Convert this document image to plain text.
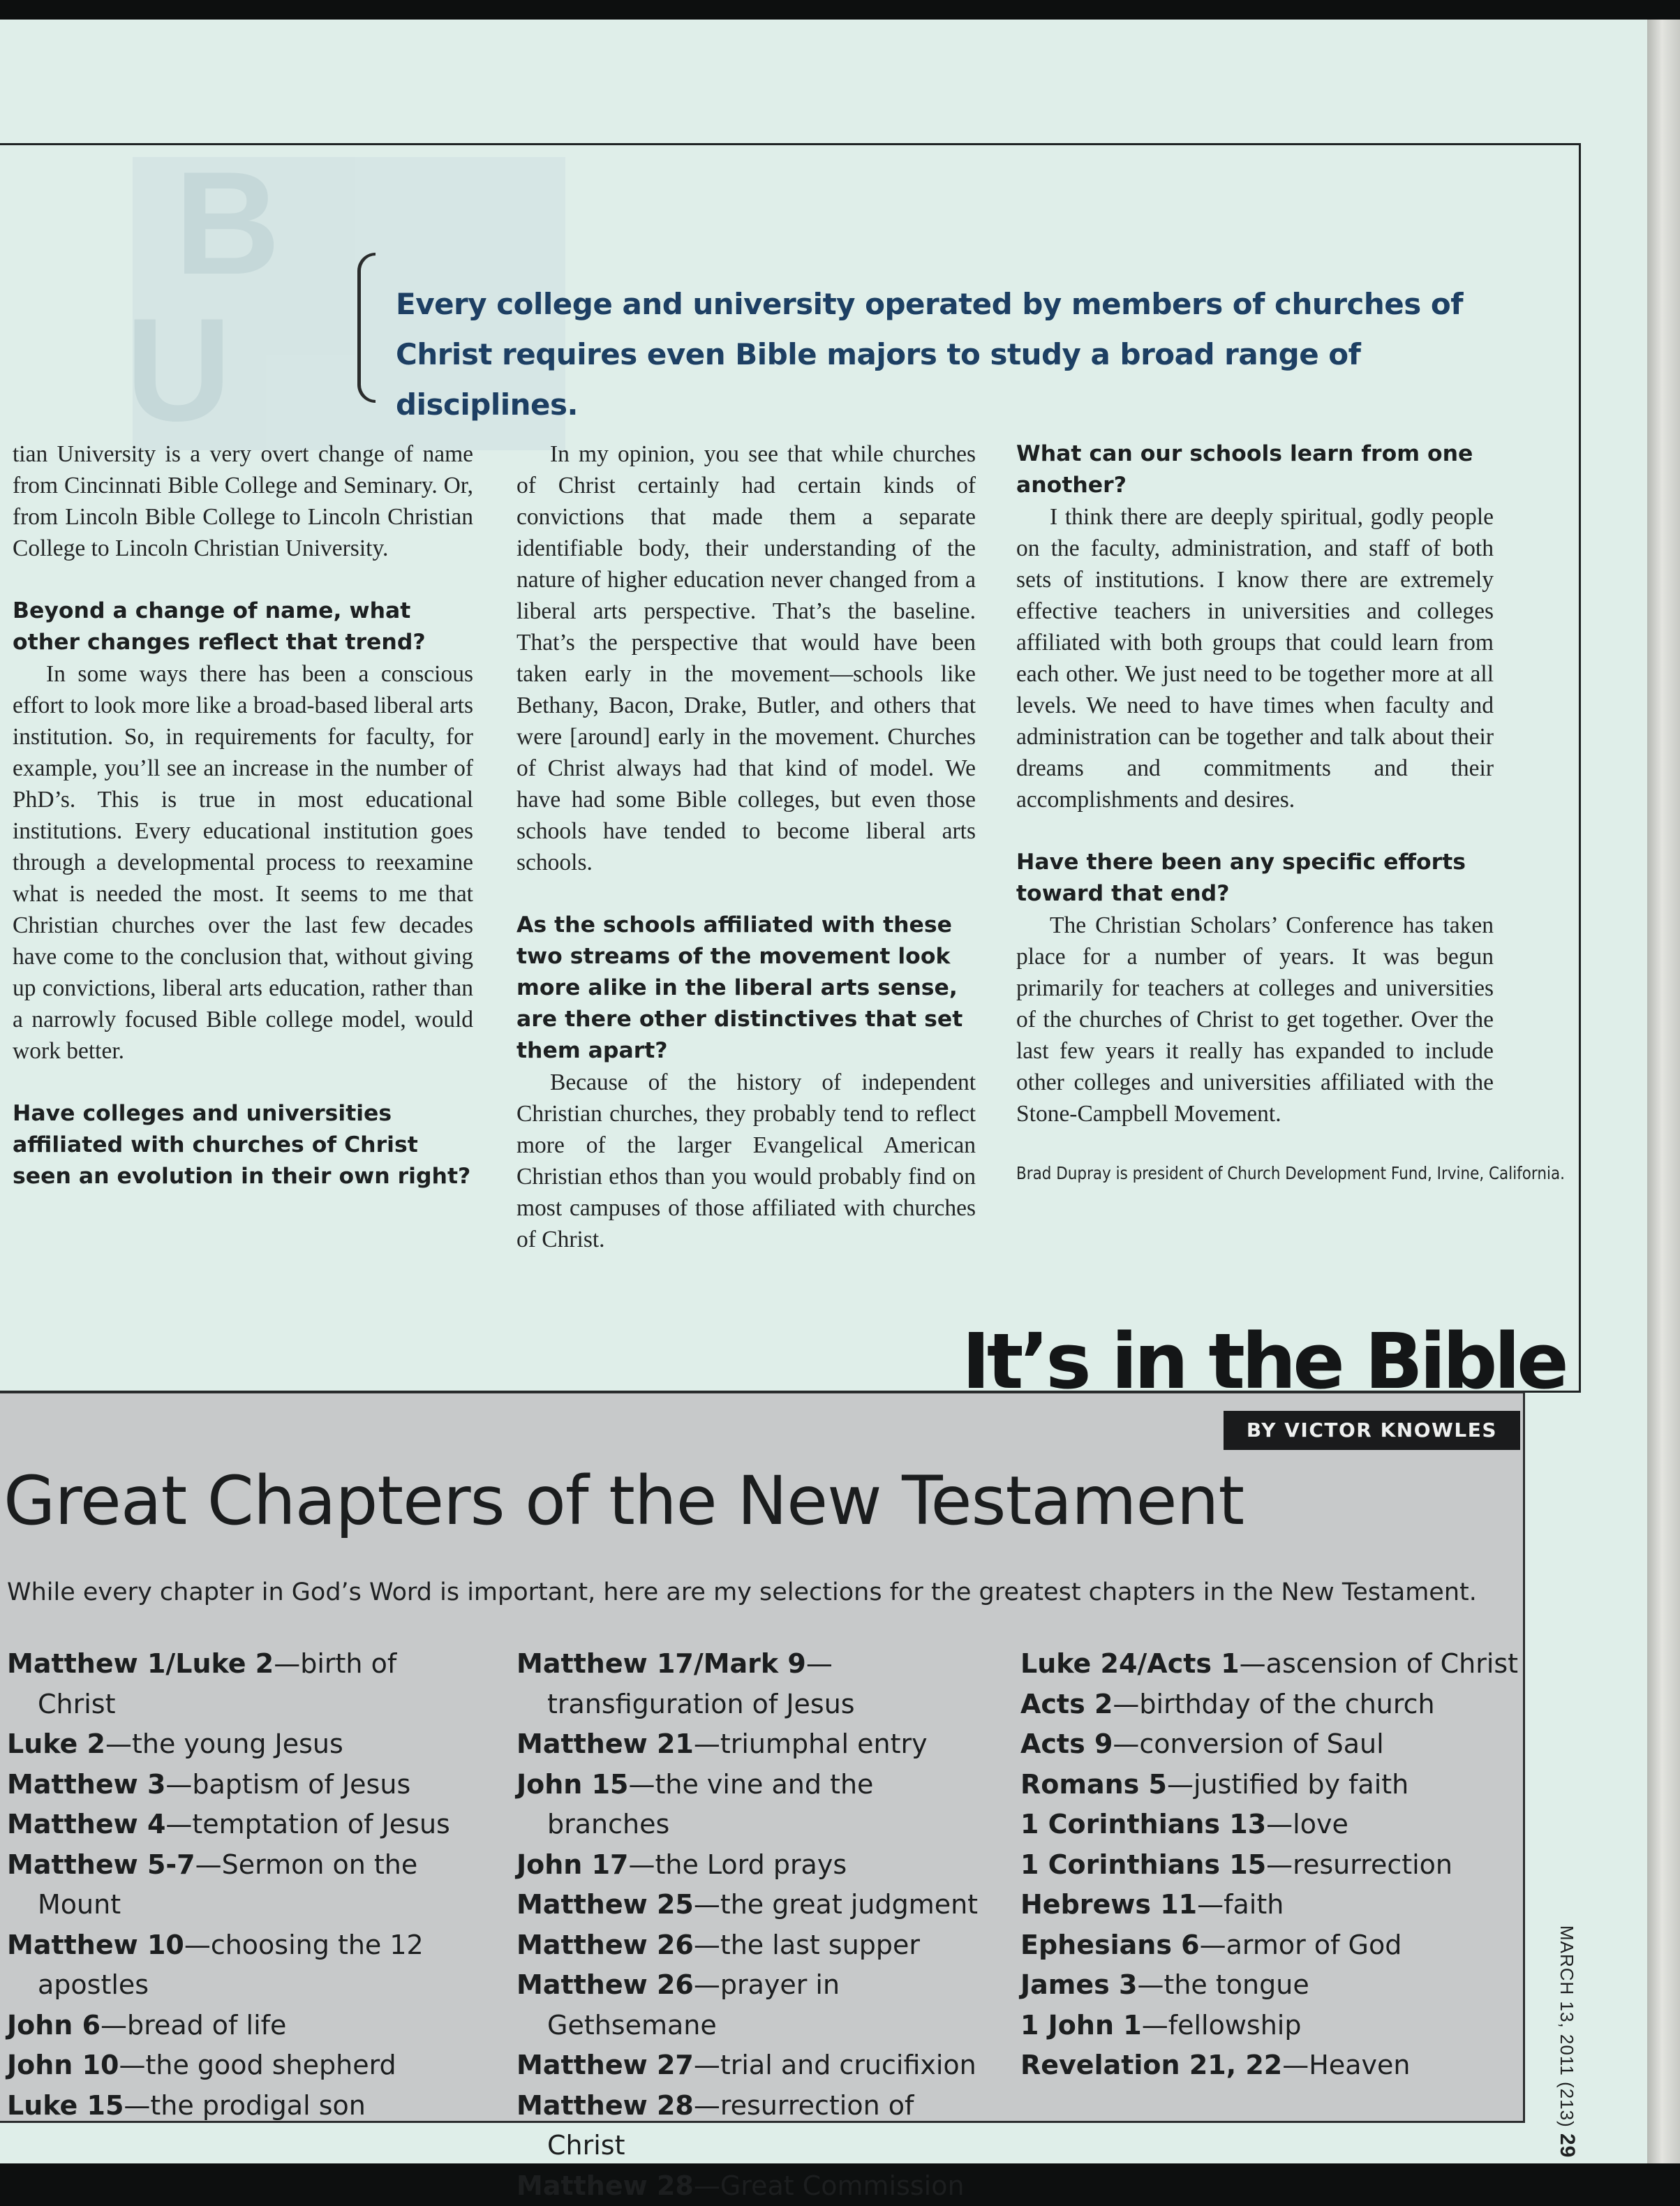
B
U	Every college and university operated by members of churches of Christ requires even Bible majors to study a broad range of disciplines.

tian University is a very overt change of name from Cincinnati Bible College and Seminary. Or, from Lincoln Bible College to Lincoln Christian College to Lincoln Christian University.

Beyond a change of name, what other changes reflect that trend?

In some ways there has been a conscious effort to look more like a broad-based liberal arts institution. So, in requirements for faculty, for example, you’ll see an increase in the number of PhD’s. This is true in most educational institutions. Every educational institution goes through a developmental process to reexamine what is needed the most. It seems to me that Christian churches over the last few decades have come to the conclusion that, without giving up convictions, liberal arts education, rather than a narrowly focused Bible college model, would work better.

Have colleges and universities affiliated with churches of Christ seen an evolution in their own right?

In my opinion, you see that while churches of Christ certainly had certain kinds of convictions that made them a separate identifiable body, their understanding of the nature of higher education never changed from a liberal arts perspective. That’s the baseline. That’s the perspective that would have been taken early in the movement—schools like Bethany, Bacon, Drake, Butler, and others that were [around] early in the movement. Churches of Christ always had that kind of model. We have had some Bible colleges, but even those schools have tended to become liberal arts schools.

As the schools affiliated with these two streams of the movement look more alike in the liberal arts sense, are there other distinctives that set them apart?

Because of the history of independent Christian churches, they probably tend to reflect more of the larger Evangelical American Christian ethos than you would probably find on most campuses of those affiliated with churches of Christ.

What can our schools learn from one another?

I think there are deeply spiritual, godly people on the faculty, administration, and staff of both sets of institutions. I know there are extremely effective teachers in universities and colleges affiliated with both groups that could learn from each other. We just need to be together more at all levels. We need to have times when faculty and administration can be together and talk about their dreams and commitments and their accomplishments and desires.

Have there been any specific efforts toward that end?

The Christian Scholars’ Conference has taken place for a number of years. It was begun primarily for teachers at colleges and universities of the churches of Christ to get together. Over the last few years it really has expanded to include other colleges and universities affiliated with the Stone-Campbell Movement.

Brad Dupray is president of Church Development Fund, Irvine, California.
It’s in the Bible
BY VICTOR KNOWLES
Great Chapters of the New Testament
While every chapter in God’s Word is important, here are my selections for the greatest chapters in the New Testament.
Matthew 1/Luke 2—birth of Christ
Luke 2—the young Jesus
Matthew 3—baptism of Jesus
Matthew 4—temptation of Jesus
Matthew 5-7—Sermon on the Mount
Matthew 10—choosing the 12 apostles
John 6—bread of life
John 10—the good shepherd
Luke 15—the prodigal son
Matthew 17/Mark 9—transfiguration of Jesus
Matthew 21—triumphal entry
John 15—the vine and the branches
John 17—the Lord prays
Matthew 25—the great judgment
Matthew 26—the last supper
Matthew 26—prayer in Gethsemane
Matthew 27—trial and crucifixion
Matthew 28—resurrection of Christ
Matthew 28—Great Commission
Luke 24/Acts 1—ascension of Christ
Acts 2—birthday of the church
Acts 9—conversion of Saul
Romans 5—justified by faith
1 Corinthians 13—love
1 Corinthians 15—resurrection
Hebrews 11—faith
Ephesians 6—armor of God
James 3—the tongue
1 John 1—fellowship
Revelation 21, 22—Heaven	MARCH 13, 2011 (213) 29
